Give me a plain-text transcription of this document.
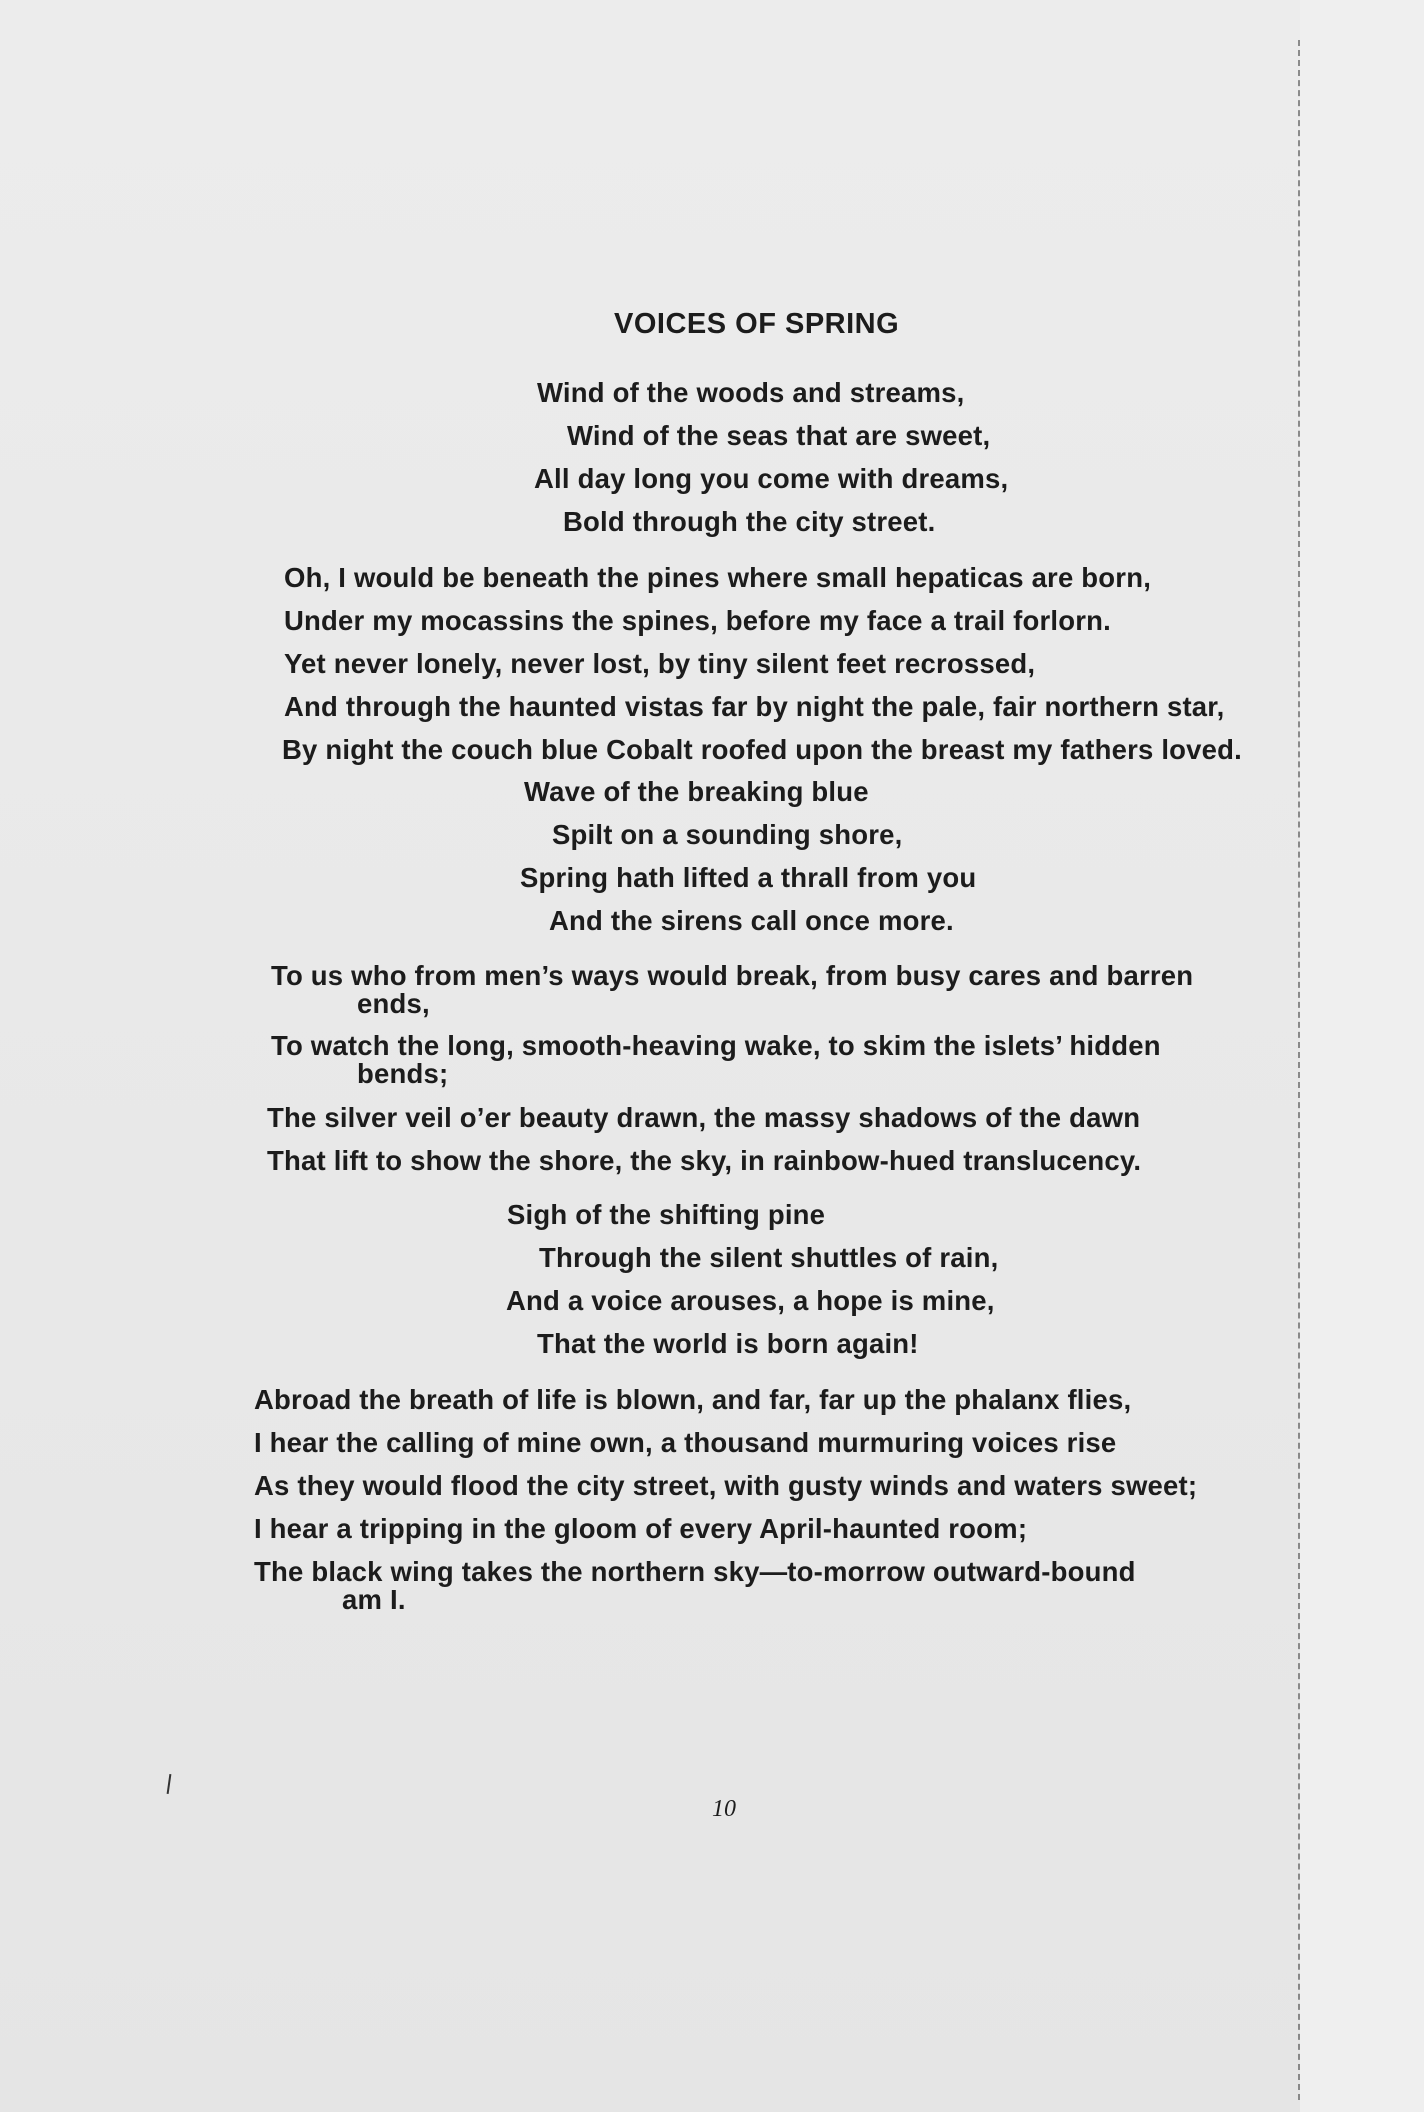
VOICES OF SPRING
Wind of the woods and streams,
Wind of the seas that are sweet,
All day long you come with dreams,
Bold through the city street.
Oh, I would be beneath the pines where small hepaticas are born,
Under my mocassins the spines, before my face a trail forlorn.
Yet never lonely, never lost, by tiny silent feet recrossed,
And through the haunted vistas far by night the pale, fair northern star,
By night the couch blue Cobalt roofed upon the breast my fathers loved.
Wave of the breaking blue
Spilt on a sounding shore,
Spring hath lifted a thrall from you
And the sirens call once more.
To us who from men’s ways would break, from busy cares and barren
ends,
To watch the long, smooth-heaving wake, to skim the islets’ hidden
bends;
The silver veil o’er beauty drawn, the massy shadows of the dawn
That lift to show the shore, the sky, in rainbow-hued translucency.
Sigh of the shifting pine
Through the silent shuttles of rain,
And a voice arouses, a hope is mine,
That the world is born again!
Abroad the breath of life is blown, and far, far up the phalanx flies,
I hear the calling of mine own, a thousand murmuring voices rise
As they would flood the city street, with gusty winds and waters sweet;
I hear a tripping in the gloom of every April-haunted room;
The black wing takes the northern sky—to-morrow outward-bound
am I.
10
